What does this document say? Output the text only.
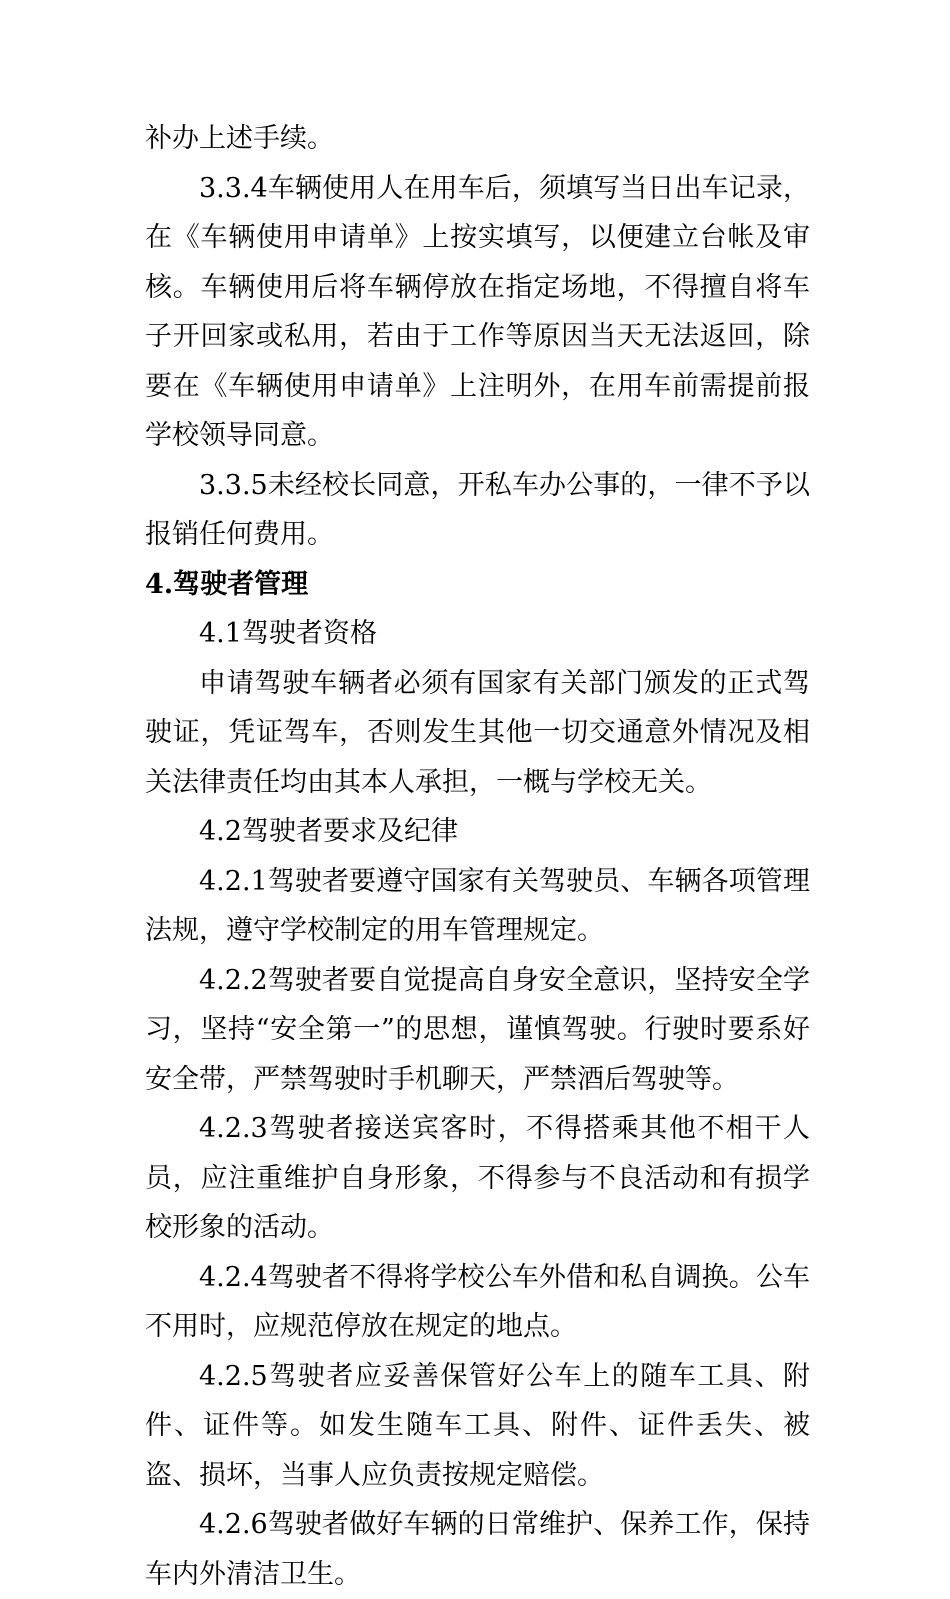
补办上述手续。

3.3.4车辆使用人在用车后，须填写当日出车记录，在《车辆使用申请单》上按实填写，以便建立台帐及审核。车辆使用后将车辆停放在指定场地，不得擅自将车子开回家或私用，若由于工作等原因当天无法返回，除要在《车辆使用申请单》上注明外，在用车前需提前报学校领导同意。

3.3.5未经校长同意，开私车办公事的，一律不予以报销任何费用。

4.驾驶者管理

4.1驾驶者资格

申请驾驶车辆者必须有国家有关部门颁发的正式驾驶证，凭证驾车，否则发生其他一切交通意外情况及相关法律责任均由其本人承担，一概与学校无关。

4.2驾驶者要求及纪律

4.2.1驾驶者要遵守国家有关驾驶员、车辆各项管理法规，遵守学校制定的用车管理规定。

4.2.2驾驶者要自觉提高自身安全意识，坚持安全学习，坚持“安全第一”的思想，谨慎驾驶。行驶时要系好安全带，严禁驾驶时手机聊天，严禁酒后驾驶等。

4.2.3驾驶者接送宾客时，不得搭乘其他不相干人员，应注重维护自身形象，不得参与不良活动和有损学校形象的活动。

4.2.4驾驶者不得将学校公车外借和私自调换。公车不用时，应规范停放在规定的地点。

4.2.5驾驶者应妥善保管好公车上的随车工具、附件、证件等。如发生随车工具、附件、证件丢失、被盗、损坏，当事人应负责按规定赔偿。

4.2.6驾驶者做好车辆的日常维护、保养工作，保持车内外清洁卫生。
